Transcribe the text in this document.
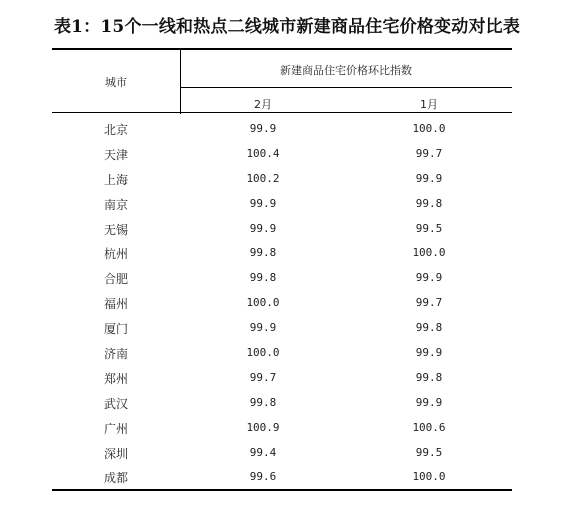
表1：15个一线和热点二线城市新建商品住宅价格变动对比表
城市
新建商品住宅价格环比指数
2月	1月
北京	99.9	100.0
天津	100.4	99.7
上海	100.2	99.9
南京	99.9	99.8
无锡	99.9	99.5
杭州	99.8	100.0
合肥	99.8	99.9
福州	100.0	99.7
厦门	99.9	99.8
济南	100.0	99.9
郑州	99.7	99.8
武汉	99.8	99.9
广州	100.9	100.6
深圳	99.4	99.5
成都	99.6	100.0
